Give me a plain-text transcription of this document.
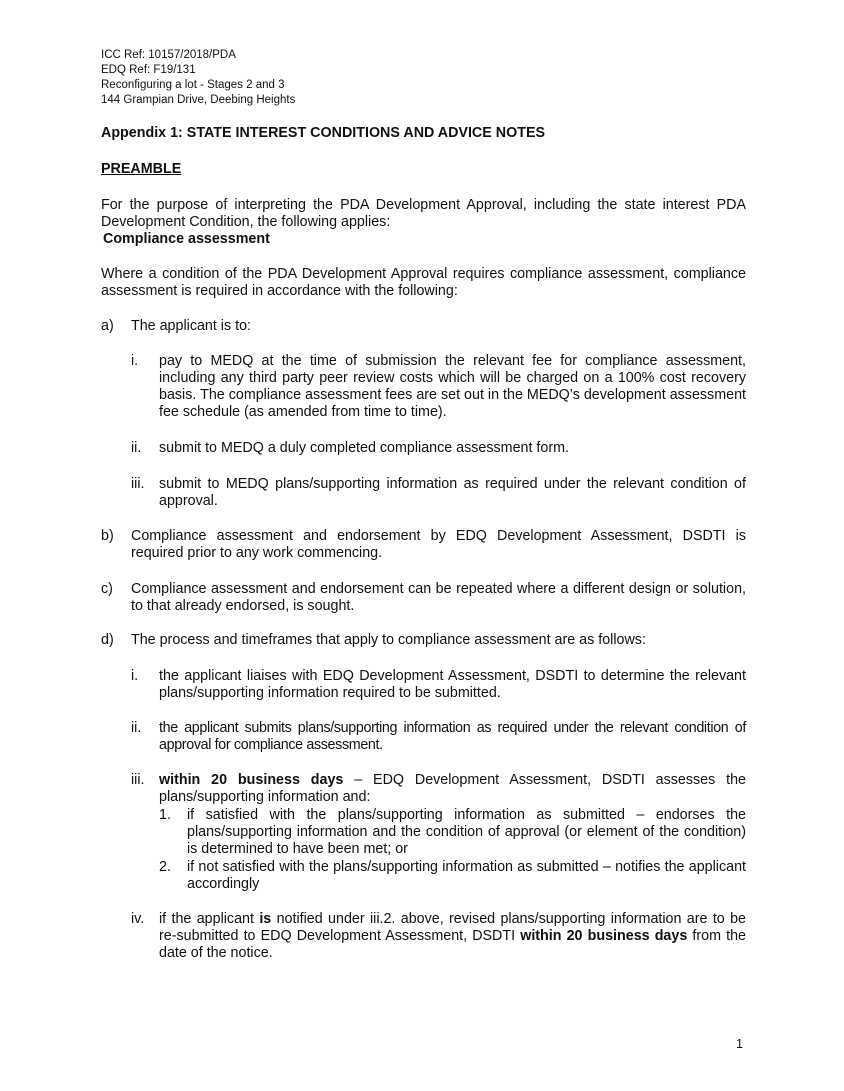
ICC Ref: 10157/2018/PDA
EDQ Ref: F19/131
Reconfiguring a lot - Stages 2 and 3
144 Grampian Drive, Deebing Heights
Appendix 1: STATE INTEREST CONDITIONS AND ADVICE NOTES
PREAMBLE
For the purpose of interpreting the PDA Development Approval, including the state interest PDA Development Condition, the following applies:
Compliance assessment
Where a condition of the PDA Development Approval requires compliance assessment, compliance assessment is required in accordance with the following:
a) The applicant is to:
i. pay to MEDQ at the time of submission the relevant fee for compliance assessment, including any third party peer review costs which will be charged on a 100% cost recovery basis. The compliance assessment fees are set out in the MEDQ’s development assessment fee schedule (as amended from time to time).
ii. submit to MEDQ a duly completed compliance assessment form.
iii. submit to MEDQ plans/supporting information as required under the relevant condition of approval.
b) Compliance assessment and endorsement by EDQ Development Assessment, DSDTI is required prior to any work commencing.
c) Compliance assessment and endorsement can be repeated where a different design or solution, to that already endorsed, is sought.
d) The process and timeframes that apply to compliance assessment are as follows:
i. the applicant liaises with EDQ Development Assessment, DSDTI to determine the relevant plans/supporting information required to be submitted.
ii. the applicant submits plans/supporting information as required under the relevant condition of approval for compliance assessment.
iii. within 20 business days – EDQ Development Assessment, DSDTI assesses the plans/supporting information and:
1. if satisfied with the plans/supporting information as submitted – endorses the plans/supporting information and the condition of approval (or element of the condition) is determined to have been met; or
2. if not satisfied with the plans/supporting information as submitted – notifies the applicant accordingly
iv. if the applicant is notified under iii.2. above, revised plans/supporting information are to be re-submitted to EDQ Development Assessment, DSDTI within 20 business days from the date of the notice.
1
